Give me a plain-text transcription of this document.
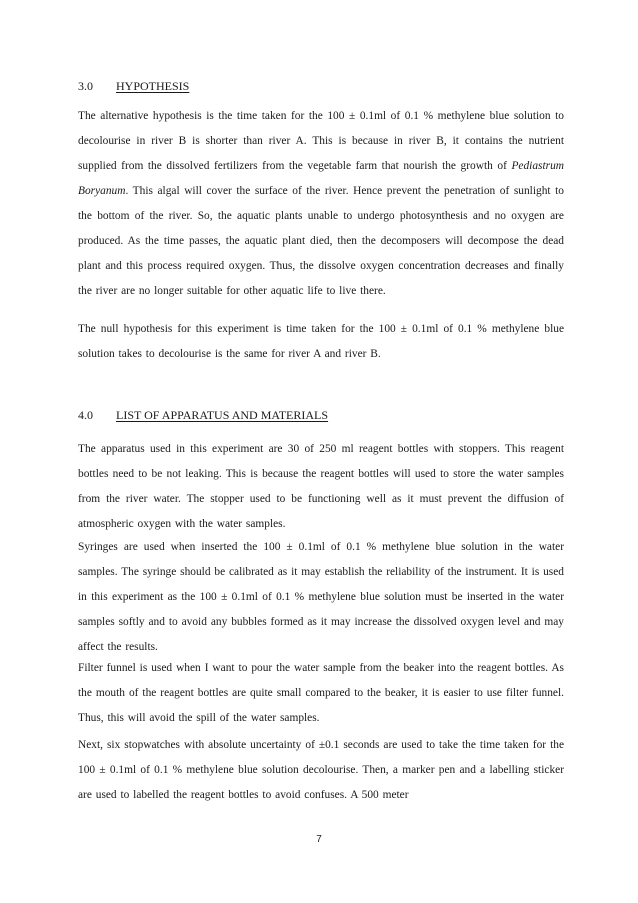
3.0 HYPOTHESIS

The alternative hypothesis is the time taken for the 100 ± 0.1ml of 0.1 % methylene blue solution to decolourise in river B is shorter than river A. This is because in river B, it contains the nutrient supplied from the dissolved fertilizers from the vegetable farm that nourish the growth of Pediastrum Boryanum. This algal will cover the surface of the river. Hence prevent the penetration of sunlight to the bottom of the river. So, the aquatic plants unable to undergo photosynthesis and no oxygen are produced. As the time passes, the aquatic plant died, then the decomposers will decompose the dead plant and this process required oxygen. Thus, the dissolve oxygen concentration decreases and finally the river are no longer suitable for other aquatic life to live there.

The null hypothesis for this experiment is time taken for the 100 ± 0.1ml of 0.1 % methylene blue solution takes to decolourise is the same for river A and river B.

4.0 LIST OF APPARATUS AND MATERIALS

The apparatus used in this experiment are 30 of 250 ml reagent bottles with stoppers. This reagent bottles need to be not leaking. This is because the reagent bottles will used to store the water samples from the river water. The stopper used to be functioning well as it must prevent the diffusion of atmospheric oxygen with the water samples.

Syringes are used when inserted the 100 ± 0.1ml of 0.1 % methylene blue solution in the water samples. The syringe should be calibrated as it may establish the reliability of the instrument. It is used in this experiment as the 100 ± 0.1ml of 0.1 % methylene blue solution must be inserted in the water samples softly and to avoid any bubbles formed as it may increase the dissolved oxygen level and may affect the results.

Filter funnel is used when I want to pour the water sample from the beaker into the reagent bottles. As the mouth of the reagent bottles are quite small compared to the beaker, it is easier to use filter funnel. Thus, this will avoid the spill of the water samples.

Next, six stopwatches with absolute uncertainty of ±0.1 seconds are used to take the time taken for the 100 ± 0.1ml of 0.1 % methylene blue solution decolourise. Then, a marker pen and a labelling sticker are used to labelled the reagent bottles to avoid confuses. A 500 meter

7
